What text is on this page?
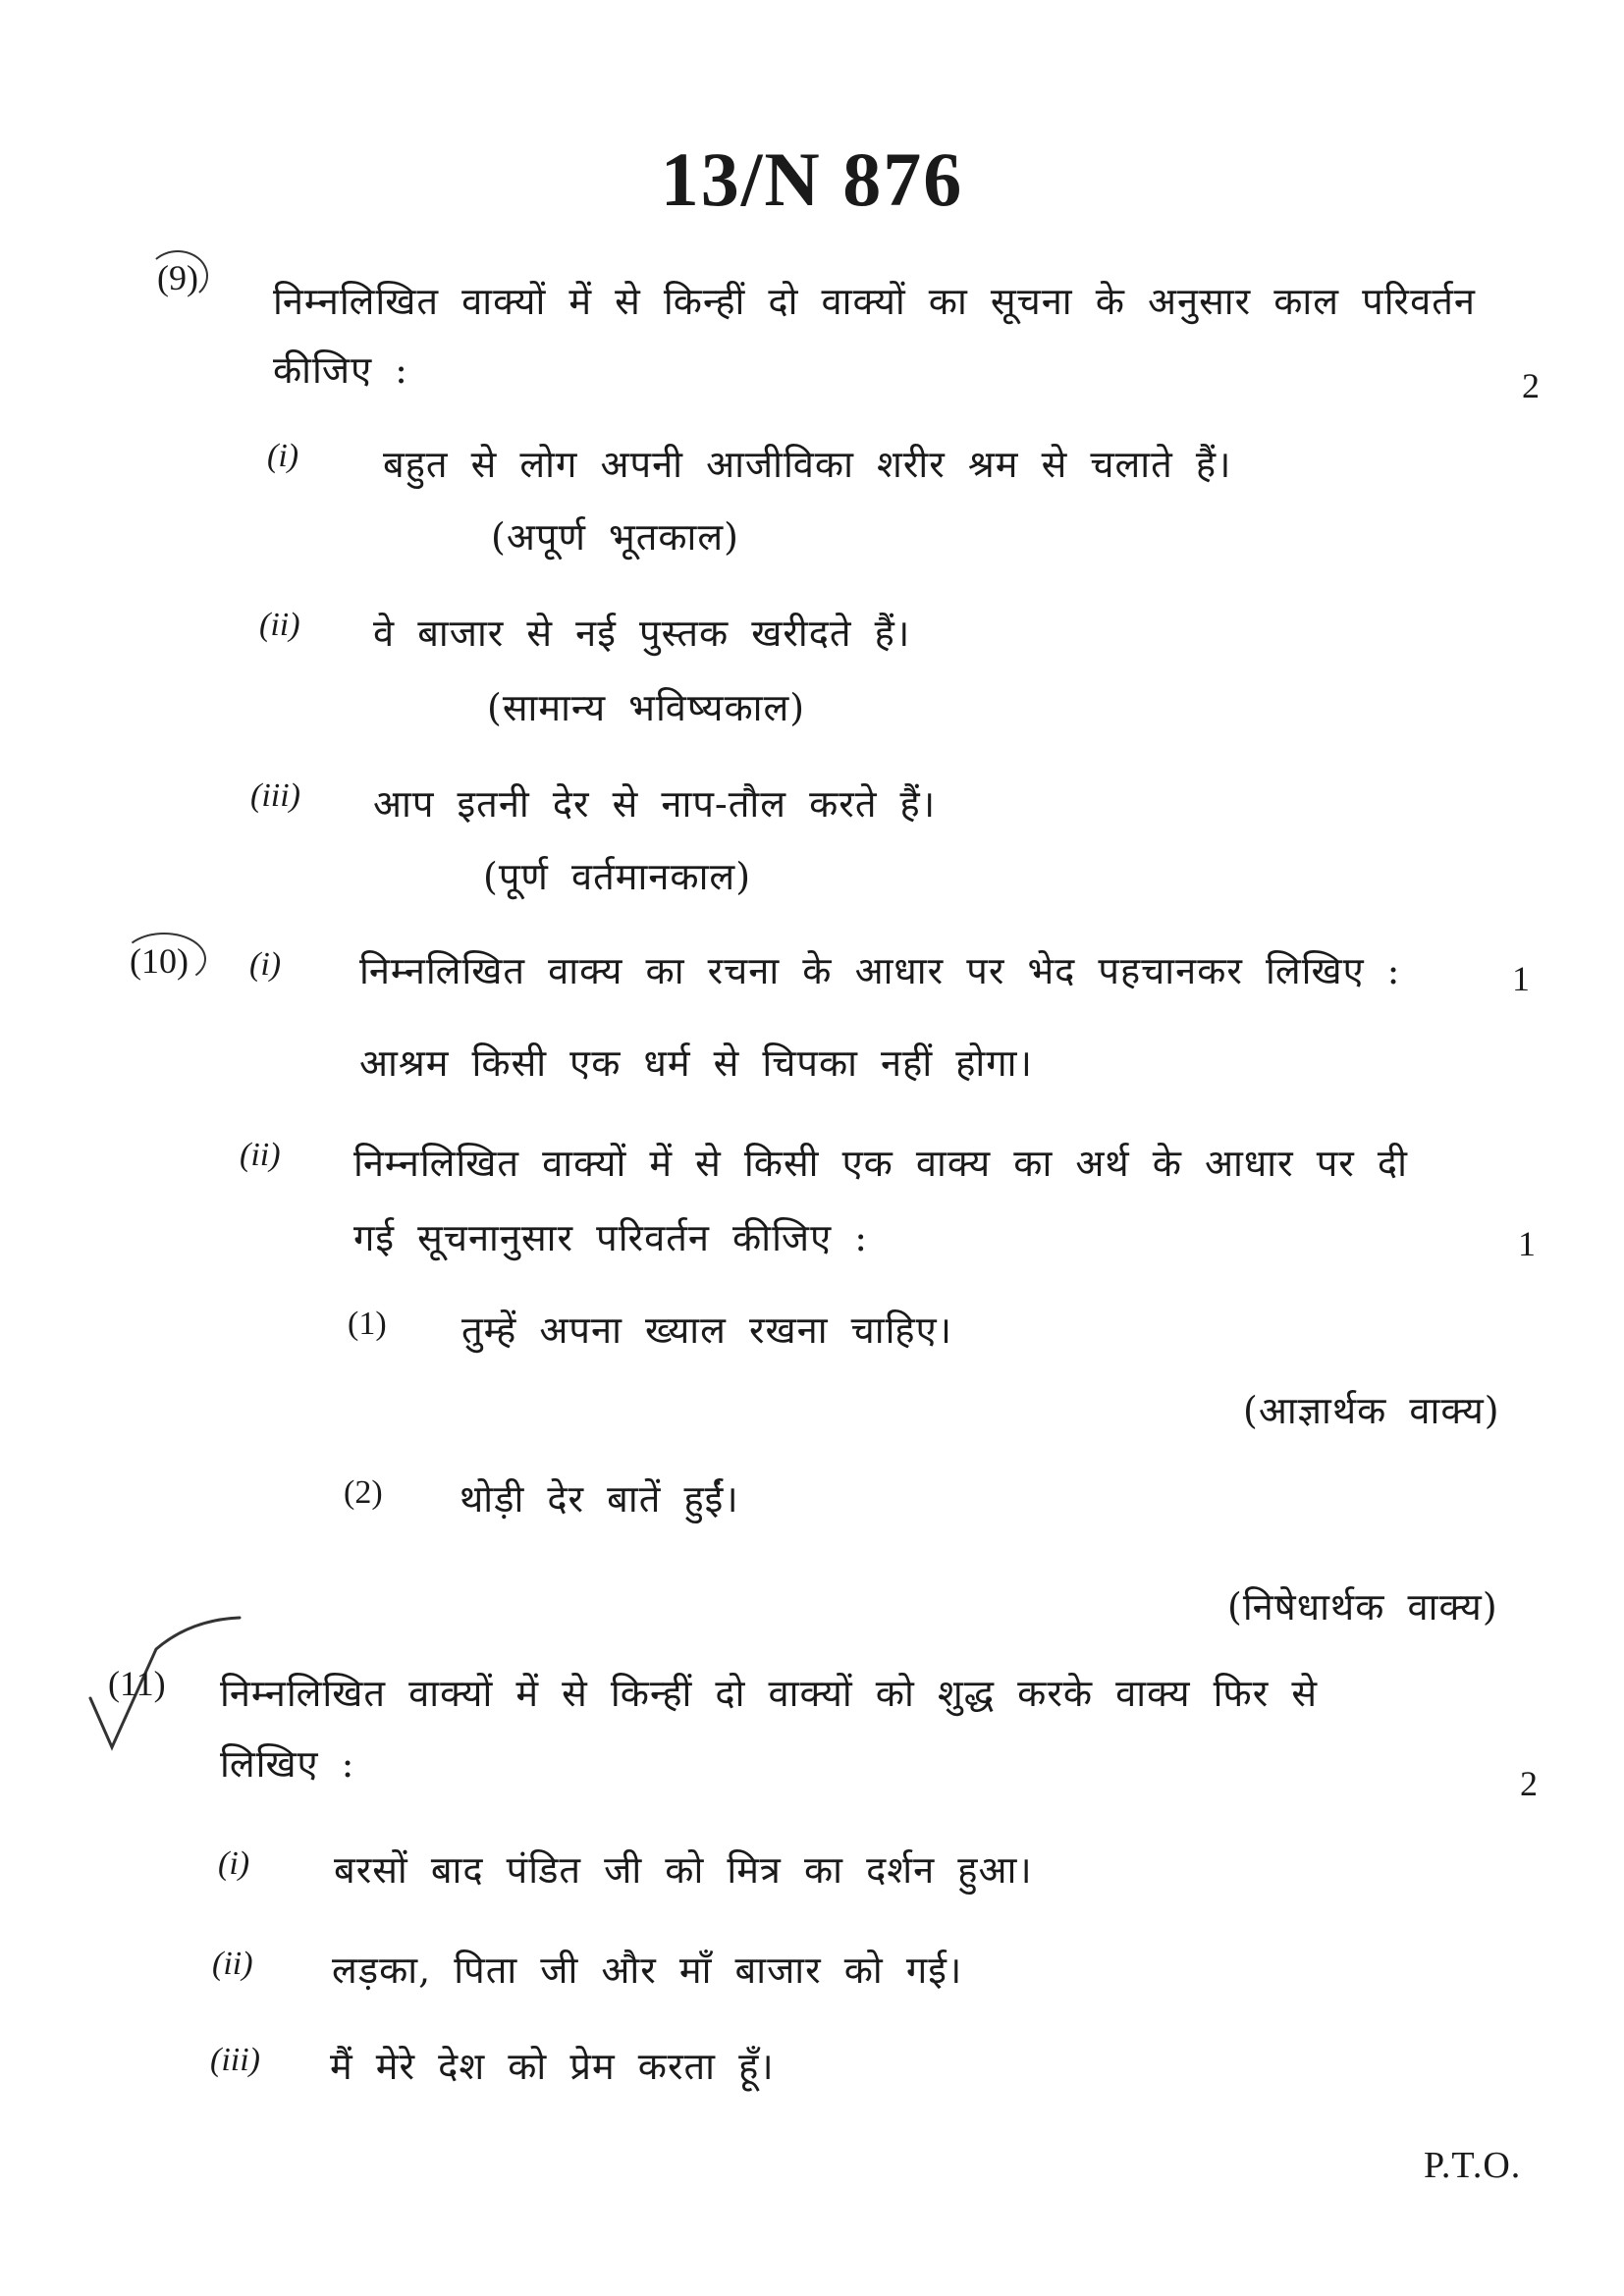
13/N 876
(9)
निम्नलिखित वाक्यों में से किन्हीं दो वाक्यों का सूचना के अनुसार काल परिवर्तन
कीजिए :	2
(i) बहुत से लोग अपनी आजीविका शरीर श्रम से चलाते हैं।
(अपूर्ण भूतकाल)
(ii) वे बाजार से नई पुस्तक खरीदते हैं।
(सामान्य भविष्यकाल)
(iii) आप इतनी देर से नाप-तौल करते हैं।
(पूर्ण वर्तमानकाल)
(10) (i) निम्नलिखित वाक्य का रचना के आधार पर भेद पहचानकर लिखिए :	1
आश्रम किसी एक धर्म से चिपका नहीं होगा।
(ii) निम्नलिखित वाक्यों में से किसी एक वाक्य का अर्थ के आधार पर दी
गई सूचनानुसार परिवर्तन कीजिए :	1
(1) तुम्हें अपना ख्याल रखना चाहिए।
(आज्ञार्थक वाक्य)
(2) थोड़ी देर बातें हुईं।
(निषेधार्थक वाक्य)
(11) निम्नलिखित वाक्यों में से किन्हीं दो वाक्यों को शुद्ध करके वाक्य फिर से
लिखिए :	2
(i) बरसों बाद पंडित जी को मित्र का दर्शन हुआ।
(ii) लड़का, पिता जी और माँ बाजार को गई।
(iii) मैं मेरे देश को प्रेम करता हूँ।
P.T.O.
